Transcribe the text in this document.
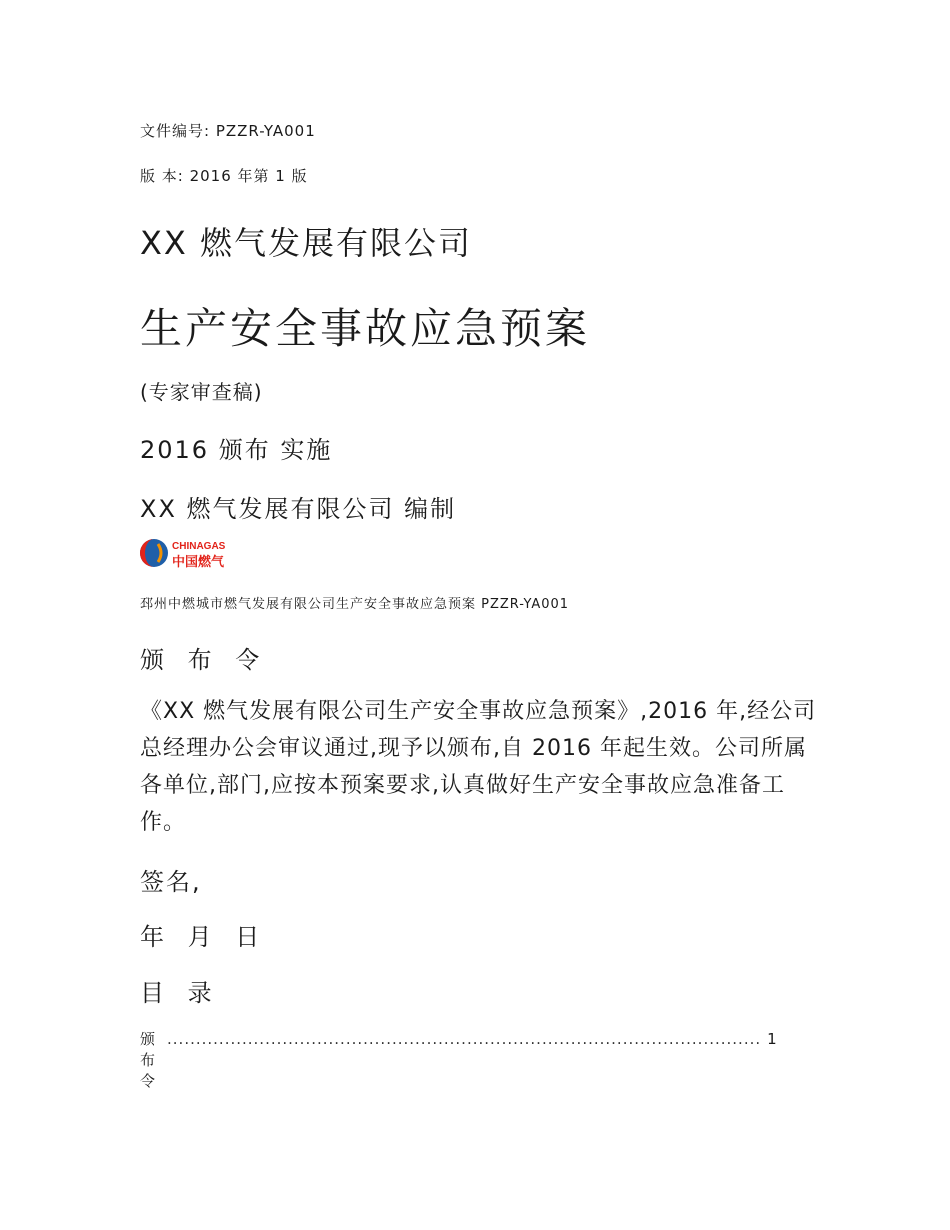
文件编号: PZZR-YA001
版 本: 2016 年第 1 版
XX 燃气发展有限公司
生产安全事故应急预案
(专家审查稿)
2016 颁布 实施
XX 燃气发展有限公司 编制
CHINAGAS
中国燃气
邳州中燃城市燃气发展有限公司生产安全事故应急预案 PZZR-YA001
颁 布 令
《XX 燃气发展有限公司生产安全事故应急预案》,2016 年,经公司总经理办公会审议通过,现予以颁布,自 2016 年起生效。公司所属各单位,部门,应按本预案要求,认真做好生产安全事故应急准备工作。
签名,
年 月 日
目 录
颁 布 令
....................................................................................................... 1
